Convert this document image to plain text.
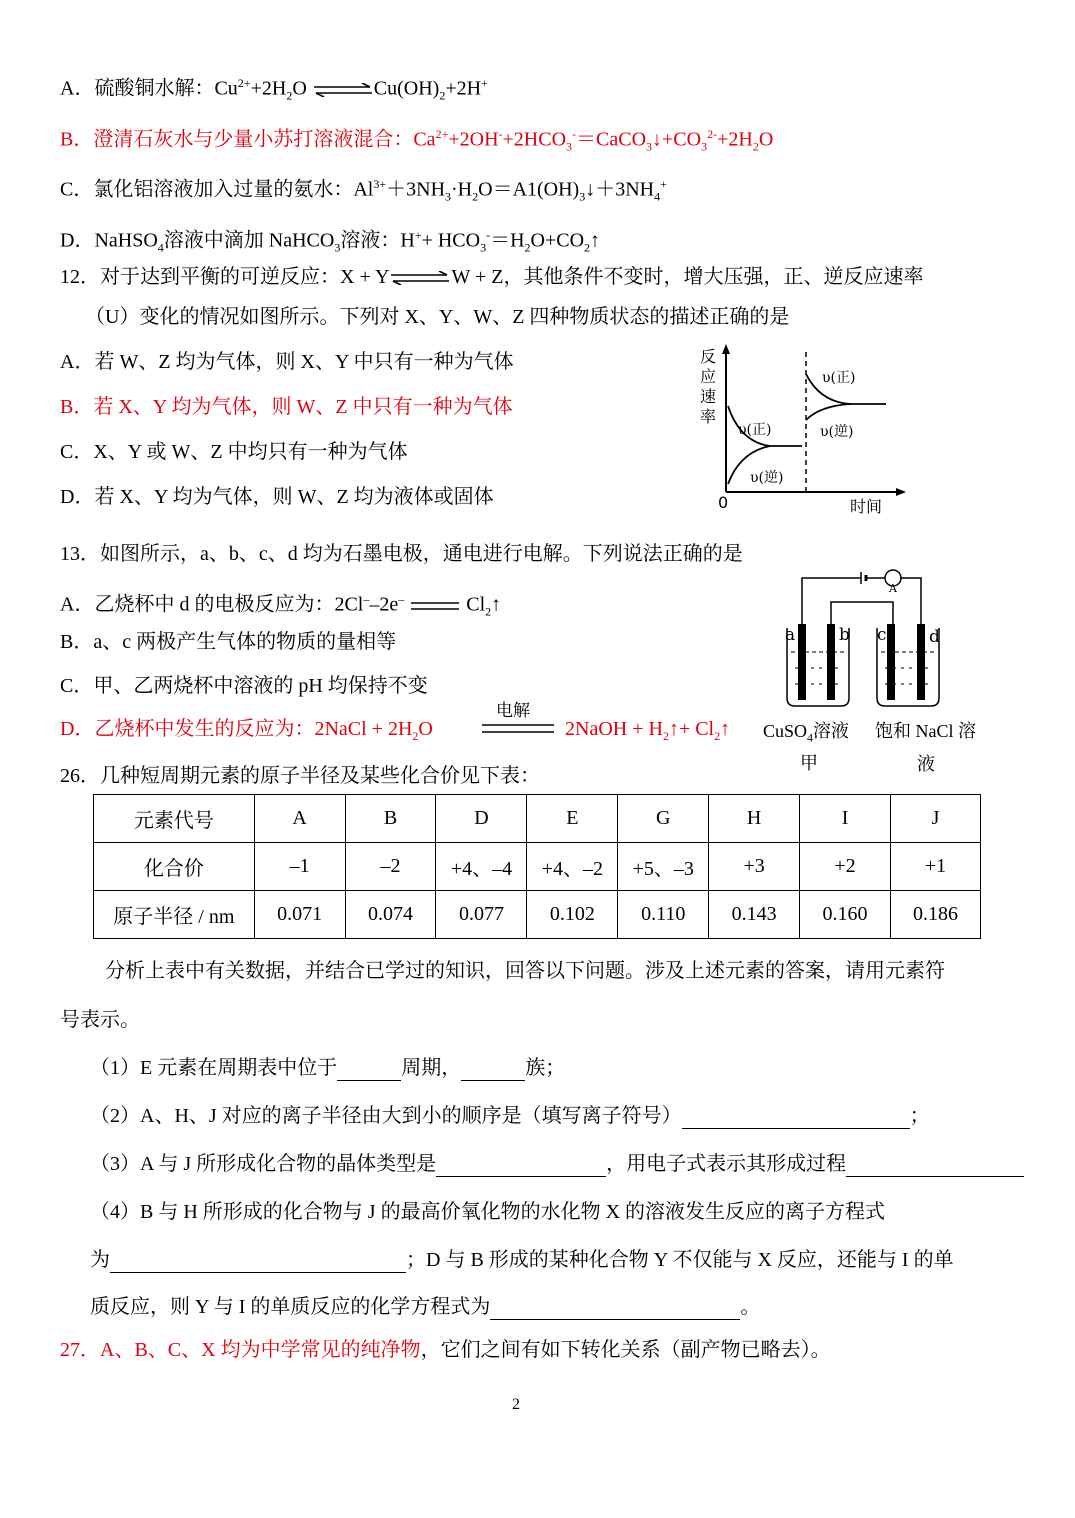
A．硫酸铜水解：$Cu^{2+}+2H_2O$ $\rightleftharpoons Cu(OH)_2+2H^+$
B．澄清石灰水与少量小苏打溶液混合：$Ca^{2+}+2OH^-+2HCO_3^-=CaCO_3↓+CO_3^{2-}+2H_2O$
C．氯化铝溶液加入过量的氨水：$Al^{3+}+3NH_3\cdot H_2O=A1(OH)_3↓+3NH_4^+$
D．NaHSO$_4$溶液中滴加 NaHCO$_3$溶液：$H^++ HCO_3^-=H_2O+CO_2↑$
12．对于达到平衡的可逆反应：X + Y⇌W + Z，其他条件不变时，增大压强，正、逆反应速率
（U）变化的情况如图所示。下列对 X、Y、W、Z 四种物质状态的描述正确的是
A．若 W、Z 均为气体，则 X、Y 中只有一种为气体
B．若 X、Y 均为气体，则 W、Z 中只有一种为气体
C．X、Y 或 W、Z 中均只有一种为气体
D．若 X、Y 均为气体，则 W、Z 均为液体或固体
反
应
速
率
0	时间
υ(正)
υ(逆)
υ(正)
υ(逆)
13．如图所示，a、b、c、d 均为石墨电极，通电进行电解。下列说法正确的是
A．乙烧杯中 d 的电极反应为：2Cl––2e–	$Cl_2↑$
B．a、c 两极产生气体的物质的量相等
C．甲、乙两烧杯中溶液的 pH 均保持不变
D．乙烧杯中发生的反应为：2NaCl + $2H_2O$
电解
2NaOH + $H_2↑+$ $Cl_2↑$
A
a	b c d
CuSO$_4$溶液
甲
饱和 NaCl 溶
液
26．几种短周期元素的原子半径及某些化合价见下表：
元素代号	A	B	D	E	G	H	I	J
化合价	–1	–2	+4、–4	+4、–2	+5、–3	+3	+2	+1
原子半径 / nm	0.071	0.074	0.077	0.102	0.110	0.143	0.160	0.186
分析上表中有关数据，并结合已学过的知识，回答以下问题。涉及上述元素的答案，请用元素符
号表示。
（1）E 元素在周期表中位于	周期，	族；
（2）A、H、J 对应的离子半径由大到小的顺序是（填写离子符号）	；
（3）A 与 J 所形成化合物的晶体类型是	，用电子式表示其形成过程
（4）B 与 H 所形成的化合物与 J 的最高价氧化物的水化物 X 的溶液发生反应的离子方程式
为	；D 与 B 形成的某种化合物 Y 不仅能与 X 反应，还能与 I 的单
质反应，则 Y 与 I 的单质反应的化学方程式为	。
27．A、B、C、X 均为中学常见的纯净物，它们之间有如下转化关系（副产物已略去）。
2
